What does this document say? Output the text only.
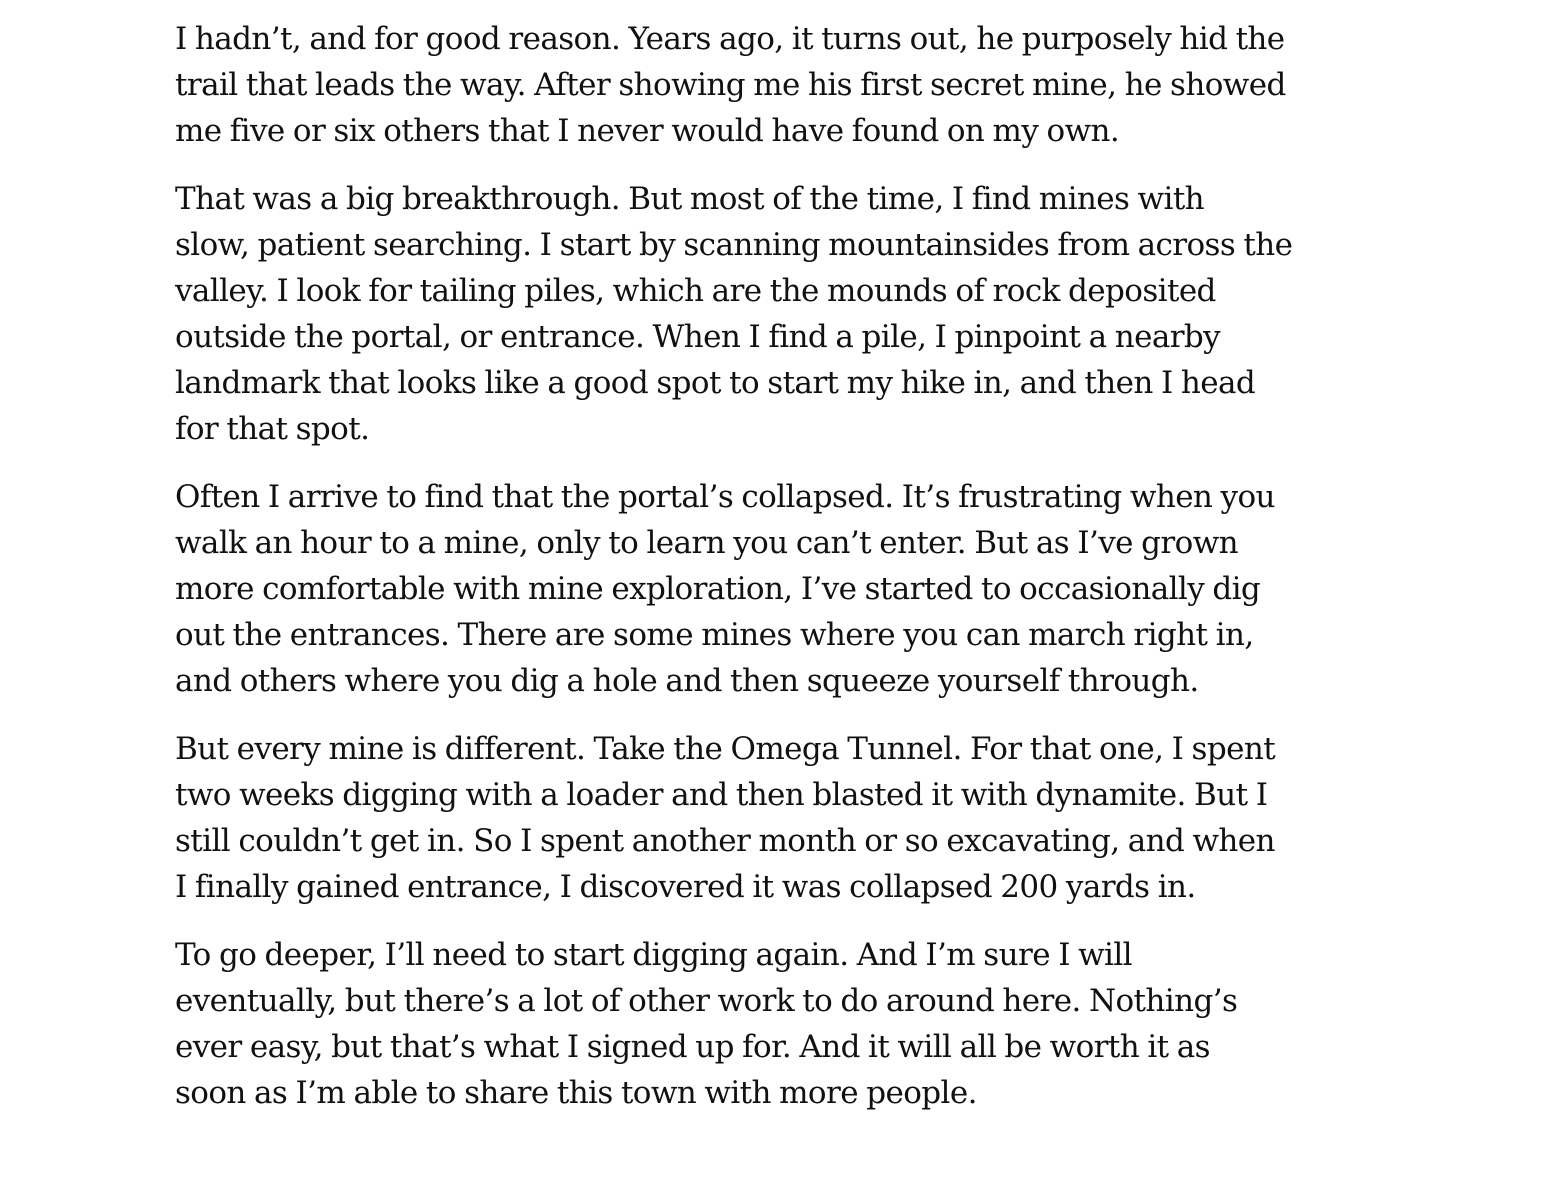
I hadn’t, and for good reason. Years ago, it turns out, he purposely hid the
trail that leads the way. After showing me his first secret mine, he showed
me five or six others that I never would have found on my own.

That was a big breakthrough. But most of the time, I find mines with
slow, patient searching. I start by scanning mountainsides from across the
valley. I look for tailing piles, which are the mounds of rock deposited
outside the portal, or entrance. When I find a pile, I pinpoint a nearby
landmark that looks like a good spot to start my hike in, and then I head
for that spot.

Often I arrive to find that the portal’s collapsed. It’s frustrating when you
walk an hour to a mine, only to learn you can’t enter. But as I’ve grown
more comfortable with mine exploration, I’ve started to occasionally dig
out the entrances. There are some mines where you can march right in,
and others where you dig a hole and then squeeze yourself through.

But every mine is different. Take the Omega Tunnel. For that one, I spent
two weeks digging with a loader and then blasted it with dynamite. But I
still couldn’t get in. So I spent another month or so excavating, and when
I finally gained entrance, I discovered it was collapsed 200 yards in.

To go deeper, I’ll need to start digging again. And I’m sure I will
eventually, but there’s a lot of other work to do around here. Nothing’s
ever easy, but that’s what I signed up for. And it will all be worth it as
soon as I’m able to share this town with more people.
